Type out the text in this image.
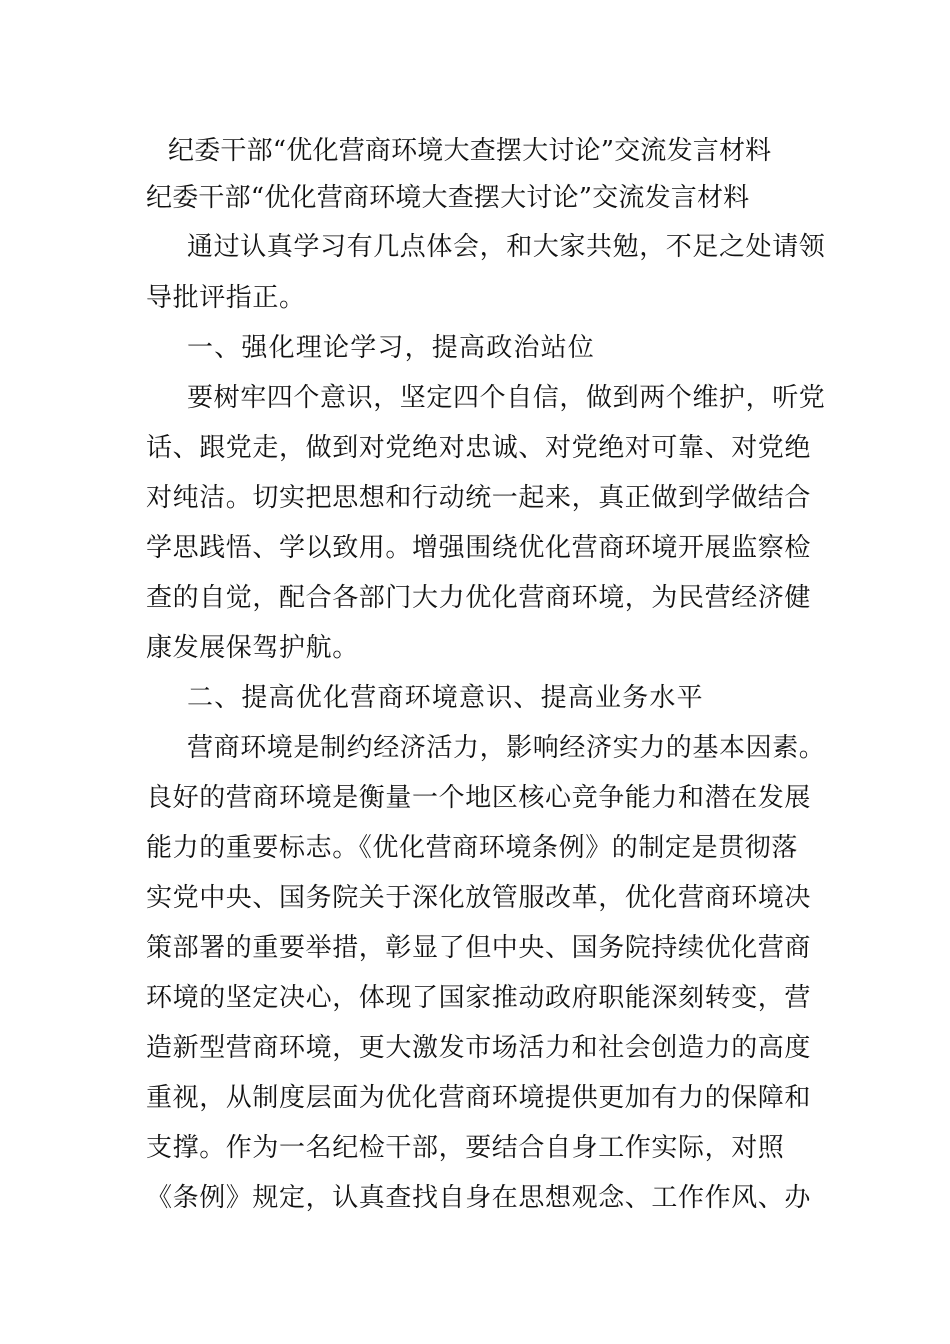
纪委干部“优化营商环境大查摆大讨论”交流发言材料
纪委干部“优化营商环境大查摆大讨论”交流发言材料
通过认真学习有几点体会，和大家共勉，不足之处请领
导批评指正。
一、强化理论学习，提高政治站位
要树牢四个意识，坚定四个自信，做到两个维护，听党
话、跟党走，做到对党绝对忠诚、对党绝对可靠、对党绝
对纯洁。切实把思想和行动统一起来，真正做到学做结合
学思践悟、学以致用。增强围绕优化营商环境开展监察检
查的自觉，配合各部门大力优化营商环境，为民营经济健
康发展保驾护航。
二、提高优化营商环境意识、提高业务水平
营商环境是制约经济活力，影响经济实力的基本因素。
良好的营商环境是衡量一个地区核心竞争能力和潜在发展
能力的重要标志。《优化营商环境条例》的制定是贯彻落
实党中央、国务院关于深化放管服改革，优化营商环境决
策部署的重要举措，彰显了但中央、国务院持续优化营商
环境的坚定决心，体现了国家推动政府职能深刻转变，营
造新型营商环境，更大激发市场活力和社会创造力的高度
重视，从制度层面为优化营商环境提供更加有力的保障和
支撑。作为一名纪检干部，要结合自身工作实际，对照
《条例》规定，认真查找自身在思想观念、工作作风、办
